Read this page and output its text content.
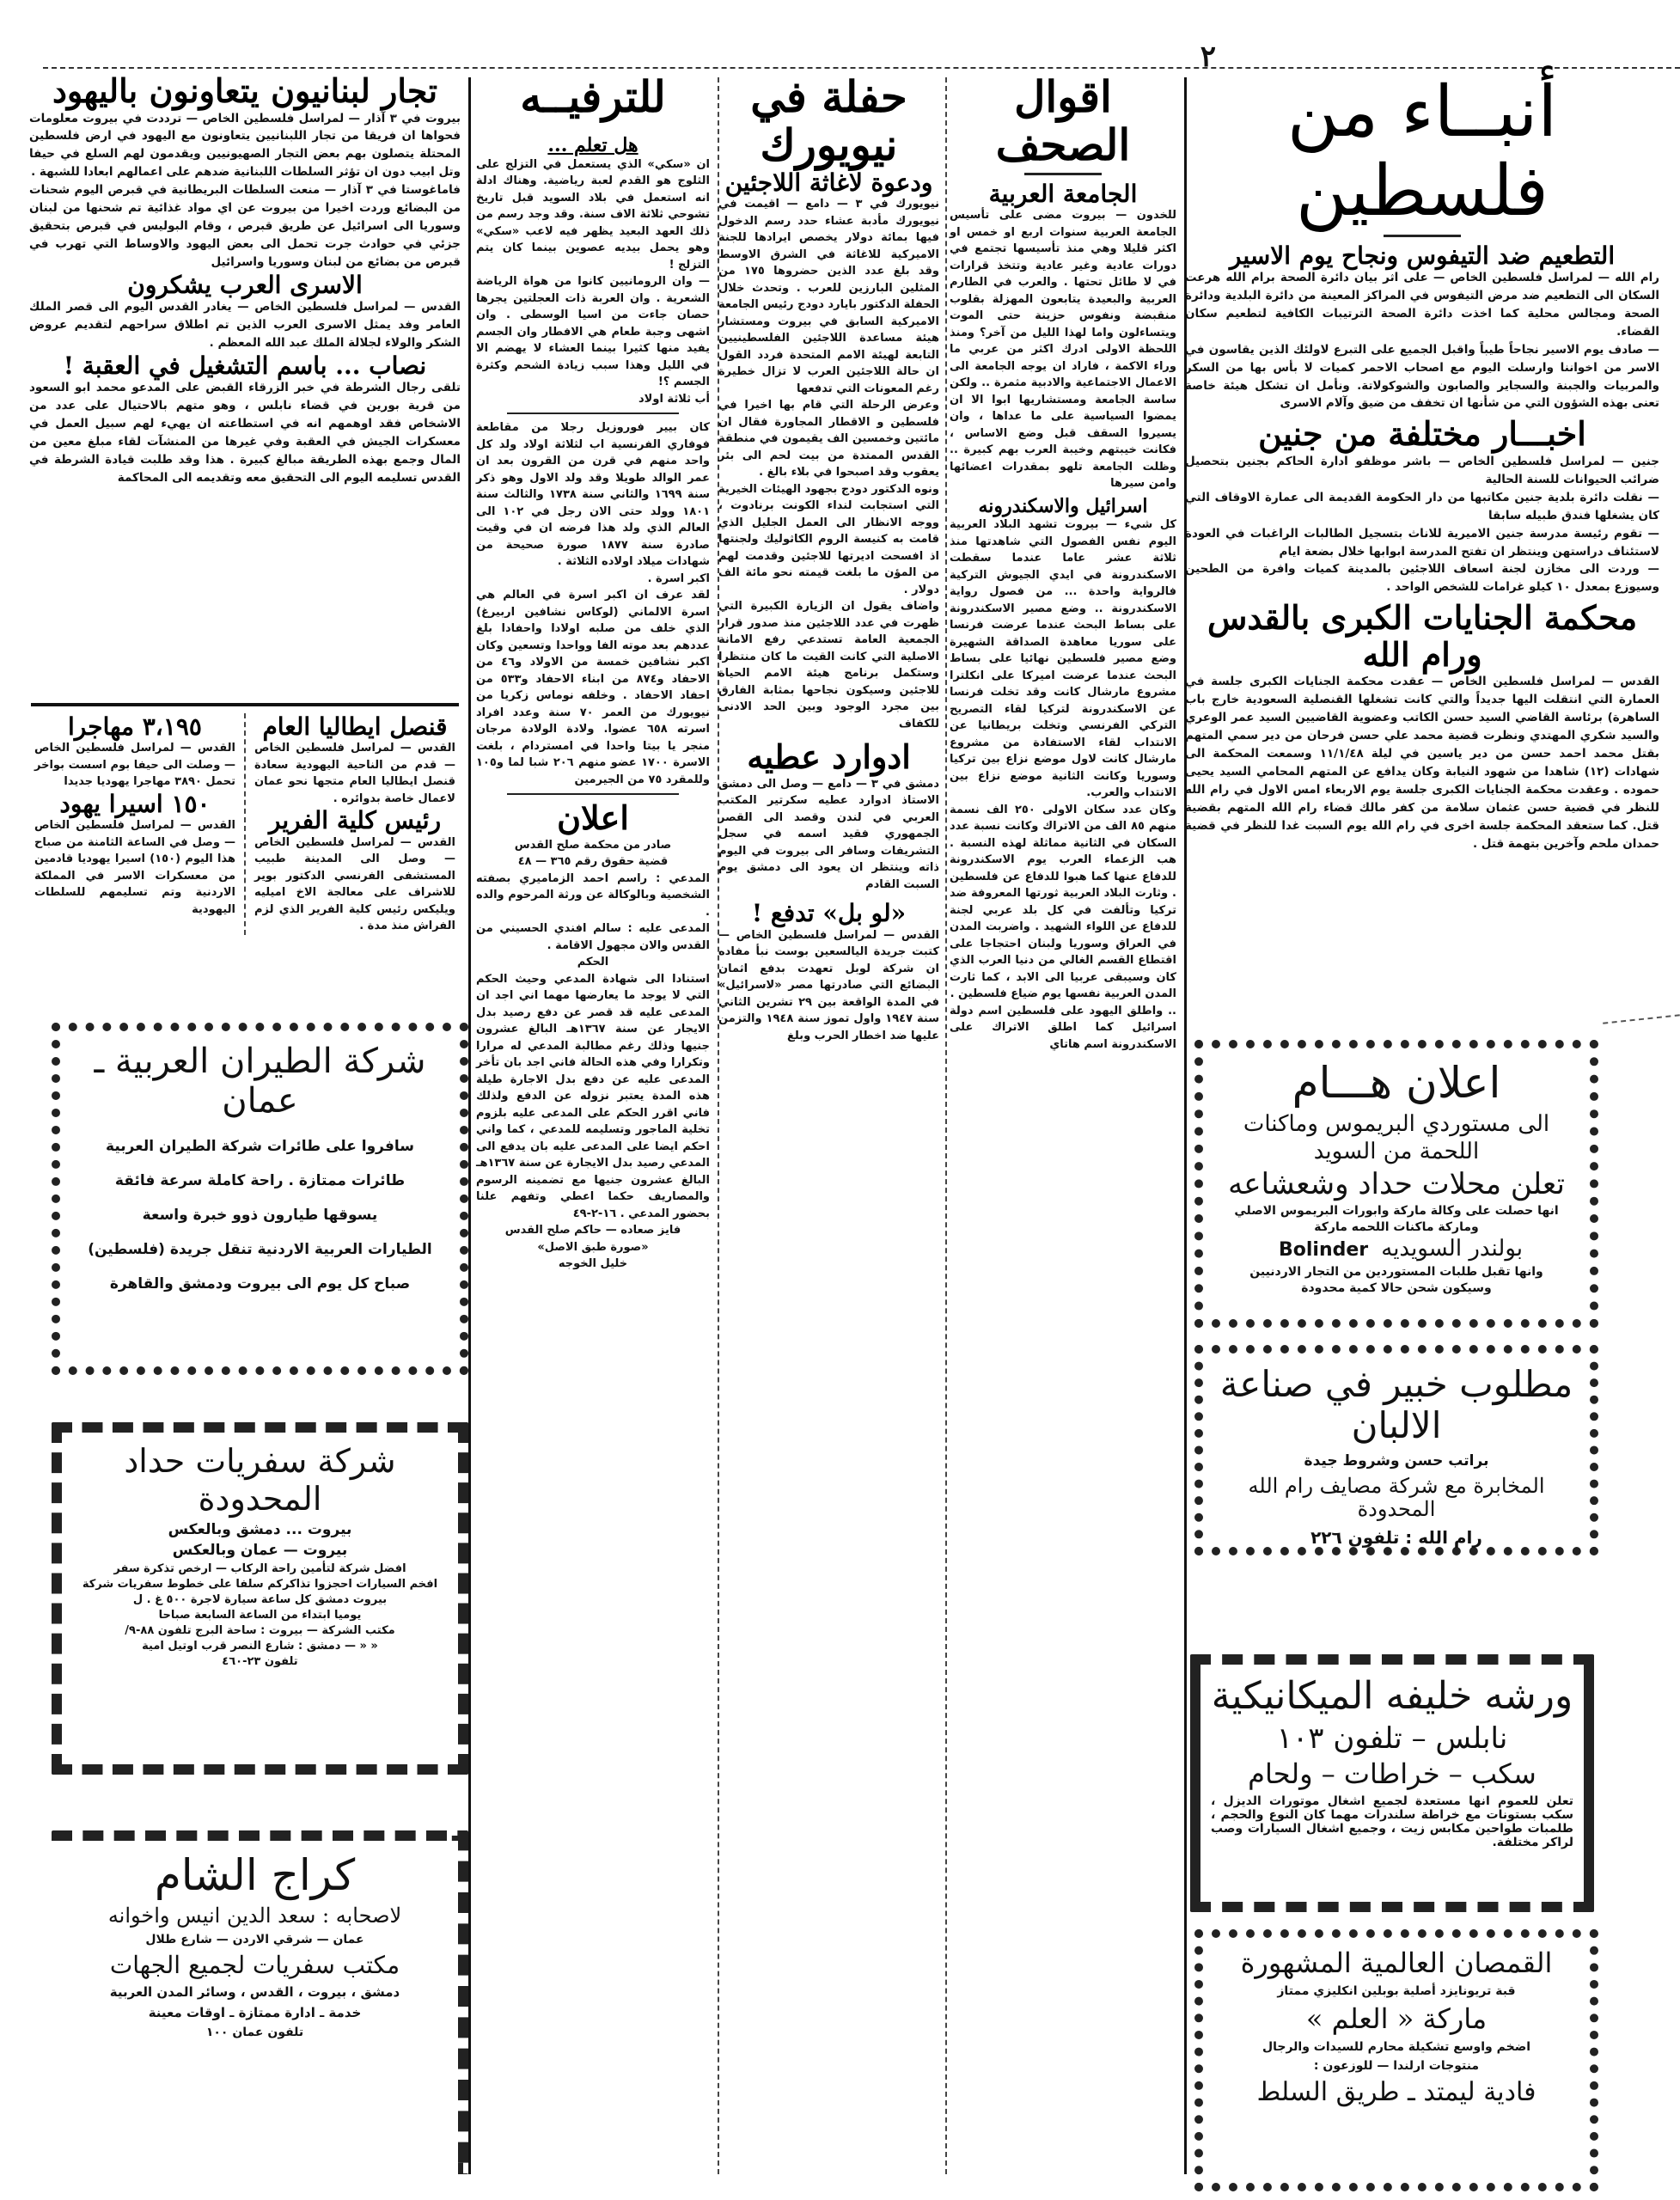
٢
أنبــاء من فلسطين
التطعيم ضد التيفوس ونجاح يوم الاسير

رام الله — لمراسل فلسطين الخاص — على اثر بيان دائرة الصحة برام الله هرعت السكان الى التطعيم ضد مرض التيفوس في المراكز المعينة من دائرة البلدية ودائرة الصحة ومجالس محلية كما اخذت دائرة الصحة الترتيبات الكافية لتطعيم سكان القضاء.

— صادف يوم الاسير نجاحاً طيباً واقبل الجميع على التبرع لاولئك الذين يقاسون في الاسر من اخواننا وارسلت اليوم مع اصحاب الاحمر كميات لا بأس بها من السكر والمربيات والجبنة والسجاير والصابون والشوكولاتة. ونأمل ان تشكل هيئة خاصة تعنى بهذه الشؤون التي من شأنها ان تخفف من ضيق وآلام الاسرى

اخبـــار مختلفة من جنين

جنين — لمراسل فلسطين الخاص — باشر موظفو ادارة الحاكم بجنين بتحصيل ضرائب الحيوانات للسنة الحالية

— نقلت دائرة بلدية جنين مكاتبها من دار الحكومة القديمة الى عمارة الاوقاف التي كان يشغلها فندق طبيله سابقا

— تقوم رئيسة مدرسة جنين الاميرية للاناث بتسجيل الطالبات الراغبات في العودة لاستئناف دراستهن وينتظر ان تفتح المدرسة ابوابها خلال بضعة ايام

— وردت الى مخازن لجنة اسعاف اللاجئين بالمدينة كميات وافرة من الطحين وسيوزع بمعدل ١٠ كيلو غرامات للشخص الواحد .

محكمة الجنايات الكبرى بالقدس ورام الله

القدس — لمراسل فلسطين الخاص — عقدت محكمة الجنايات الكبرى جلسة في العمارة التي انتقلت اليها جديداً والتي كانت تشغلها القنصلية السعودية خارج باب الساهرة) برئاسة القاضي السيد حسن الكاتب وعضوية القاضيين السيد عمر الوعري والسيد شكري المهتدي ونظرت قضية محمد علي حسن فرحان من دير سمي المتهم بقتل محمد احمد حسن من دير ياسين في ليلة ١١/١/٤٨ وسمعت المحكمة الى شهادات (١٢) شاهدا من شهود النيابة وكان يدافع عن المتهم المحامي السيد يحيى حموده . وعقدت محكمة الجنايات الكبرى جلسة يوم الاربعاء امس الاول في رام الله للنظر في قضية حسن عثمان سلامة من كفر مالك قضاء رام الله المتهم بقضية قتل. كما ستعقد المحكمة جلسة اخرى في رام الله يوم السبت غدا للنظر في قضية حمدان ملحم وآخرين بتهمة قتل .

اعلان هـــام
الى مستوردي البريموس وماكنات
اللحمة من السويد
تعلن محلات حداد وشعشاعه
انها حصلت على وكالة ماركة وابورات البريموس الاصلي
وماركة ماكنات اللحمه ماركة
بولندر السويديه Bolinder
وانها تقبل طلبات المستوردين من التجار الاردنيين
وسيكون شحن حالا كمية محدودة
مطلوب خبير في صناعة الالبان
براتب حسن وشروط جيدة
المخابرة مع شركة مصايف رام الله المحدودة
رام الله : تلفون ٢٢٦
ورشه خليفه الميكانيكية
نابلس – تلفون ١٠٣
سكب – خراطات – ولحام
تعلن للعموم انها مستعدة لجميع اشغال موتورات الديزل ، سكب بستونات مع خراطة سلندرات مهما كان النوع والحجم ، طلمبات طواحين مكابس زيت ، وجميع اشغال السيارات وصب لراكر مختلفة.
القمصان العالمية المشهورة
قبة تريونايزد أصلية بوبلين انكليزي ممتاز
ماركة « العلم »
اضخم واوسع تشكيلة محارم للسيدات والرجال
منتوجات ارلندا — للوزعون :
فادية ليمتد ـ طريق السلط
اقوال الصحف
الجامعة العربية

للخدون — بيروت مضى على تأسيس الجامعة العربية سنوات اربع او خمس او اكثر قليلا وهي منذ تأسيسها تجتمع في دورات عادية وغير عادية وتتخذ قرارات في لا طائل تحتها . والعرب في الطارم العربية والبعيدة يتابعون المهزلة بقلوب منقبضة ونفوس حزينة حتى الموت ويتساءلون واما لهذا الليل من آخر؟ ومنذ اللحظة الاولى ادرك اكثر من عربي ما وراء الاكمة ، فاراد ان يوجه الجامعة الى الاعمال الاجتماعية والادبية مثمرة .. ولكن ساسة الجامعة ومستشاريها ابوا الا ان يمضوا السياسية على ما عداها ، وان يسيروا السقف قبل وضع الاساس ، فكانت خيبتهم وخيبة العرب بهم كبيرة .. وظلت الجامعة تلهو بمقدرات اعضائها وامن سيرها

اسرائيل والاسكندرونه

كل شيء — بيروت تشهد البلاد العربية اليوم نفس الفصول التي شاهدتها منذ ثلاثة عشر عاما عندما سقطت الاسكندرونة في ايدي الجيوش التركية فالرواية واحدة ... من فصول رواية الاسكندرونة .. وضع مصير الاسكندرونة على بساط البحث عندما عرضت فرنسا على سوريا معاهدة الصداقة الشهيرة وضع مصير فلسطين نهائيا على بساط البحث عندما عرضت اميركا على انكلترا مشروع مارشال كانت وقد تخلت فرنسا عن الاسكندرونة لتركيا لقاء التصريح التركي الفرنسي وتخلت بريطانيا عن الانتداب لقاء الاستفادة من مشروع مارشال كانت لاول موضع نزاع بين تركيا وسوريا وكانت الثانية موضع نزاع بين الانتداب والعرب.

وكان عدد سكان الاولى ٢٥٠ الف نسمة منهم ٨٥ الف من الاتراك وكانت نسبة عدد السكان في الثانية مماثلة لهذه النسبة . هب الزعماء العرب يوم الاسكندرونة للدفاع عنها كما هبوا للدفاع عن فلسطين . وثارت البلاد العربية ثورتها المعروفة ضد تركيا وتألفت في كل بلد عربي لجنة للدفاع عن اللواء الشهيد . واضربت المدن في العراق وسوريا ولبنان احتجاجا على اقتطاع القسم الغالي من دنيا العرب الذي كان وسيبقى عربيا الى الابد ، كما ثارت المدن العربية نفسها يوم ضياع فلسطين .

.. واطلق اليهود على فلسطين اسم دولة اسرائيل كما اطلق الاتراك على الاسكندرونة اسم هاتاي

حفلة في نيويورك
ودعوة لاغاثة اللاجئين

نيويورك في ٣ — دامع — اقيمت في نيويورك مأدبة عشاء حدد رسم الدخول فيها بمائة دولار يخصص ايرادها للجنة الاميركية للاغاثة في الشرق الاوسط وقد بلغ عدد الذين حضروها ١٧٥ من المثلين البارزين للعرب . وتحدث خلال الحفلة الدكتور بايارد دودج رئيس الجامعة الاميركية السابق في بيروت ومستشار هيئة مساعدة اللاجئين الفلسطينيين التابعة لهيئة الامم المتحدة فردد القول ان حالة اللاجئين العرب لا تزال خطيرة رغم المعونات التي تدفعها

وعرض الرحلة التي قام بها اخيرا في فلسطين و الاقطار المجاورة فقال ان مائتين وخمسين الف يقيمون في منطقة القدس الممتدة من بيت لحم الى بئر يعقوب وقد اصبحوا في بلاء بالغ .

ونوه الدكتور دودج بجهود الهيئات الخيرية التي استجابت لنداء الكونت برنادوت ، ووجه الانظار الى العمل الجليل الذي قامت به كنيسة الروم الكاثوليك ولجنتها اذ افسحت اديرتها للاجئين وقدمت لهم من المؤن ما بلغت قيمته نحو مائة الف دولار .

واضاف يقول ان الزيارة الكبيرة التي ظهرت في عدد اللاجئين منذ صدور قرار الجمعية العامة تستدعي رفع الامانة الاصلية التي كانت القيت ما كان منتظرا وستكمل برنامج هيئة الامم الحياة للاجئين وسيكون نجاحها بمثابة الفارق بين مجرد الوجود وبين الحد الادنى للكفاف

ادوارد عطيه

دمشق في ٣ — دامع — وصل الى دمشق الاستاذ ادوارد عطيه سكرتير المكتب العربي في لندن وقصد الى القصر الجمهوري فقيد اسمه في سجل التشريفات وسافر الى بيروت في اليوم ذاته وينتظر ان يعود الى دمشق يوم السبت القادم

«لو بل» تدفع !

القدس — لمراسل فلسطين الخاص — كتبت جريدة اليالسعين بوست نبأ مفاده ان شركة لوبل تعهدت بدفع اثمان البضائع التي صادرتها مصر «لاسرائيل» في المدة الواقعة بين ٢٩ تشرين الثاني سنة ١٩٤٧ واول تموز سنة ١٩٤٨ والتزمن عليها ضد اخطار الحرب وبلغ

للترفيــه
هل تعلم ...

ان «سكي» الذي يستعمل في التزلج على الثلوج هو القدم لعبة رياضية. وهناك ادلة انه استعمل في بلاد السويد قبل تاريخ تشوحي ثلاثة الاف سنة. وقد وجد رسم من ذلك العهد البعيد يظهر فيه لاعب «سكي» وهو يحمل بيديه عصوين بينما كان يتم التزلج !

— وان الرومانيين كانوا من هواة الرياضة الشعرية . وان العربة ذات العجلتين يجرها حصان جاءت من اسيا الوسطى . وان اشهى وجبة طعام هي الافطار وان الجسم يفيد منها كثيرا بينما العشاء لا يهضم الا في الليل وهذا سبب زيادة الشحم وكثرة الجسم ؟!

أب ثلاثة اولاد

كان بيير فوروزيل رجلا من مقاطعة فوفاري الفرنسية اب لثلاثة اولاد ولد كل واحد منهم في قرن من القرون بعد ان عمر الوالد طويلا وقد ولد الاول وهو ذكر سنة ١٦٩٩ والثاني سنة ١٧٣٨ والثالث سنة ١٨٠١ وولد حتى الان رجل في ١٠٢ الى العالم الذي ولد هذا فرضه ان في وقيت صادرة سنة ١٨٧٧ صورة صحيحة من شهادات ميلاد اولاده الثلاثة .

اكبر اسرة .

لقد عرف ان اكبر اسرة في العالم هي اسرة الالماني (لوكاس نشافين اربيرغ) الذي خلف من صلبه اولادا واحفادا بلغ عددهم بعد موته الفا وواحدا وتسعين وكان اكبر نشافين خمسة من الاولاد و٤٦ من الاحفاد و٨٧٤ من ابناء الاحفاد و٥٣٣ من احفاد الاحفاد . وخلفه نوماس زكريا من نيويورك من العمر ٧٠ سنة وعدد افراد اسرته ٦٥٨ عضوا. ولادة الولادة مرجان منجر يا بيتا واحدا في امستردام ، بلغت الاسرة ١٧٠٠ عضو منهم ٢٠٦ شبا لما و١٠٥ وللمقرد ٧٥ من الجيرمين

اعلان

صادر من محكمة صلح القدس

قضية حقوق رقم ٣٦٥ — ٤٨

المدعي : راسم احمد الزماميري بصفته الشخصية وبالوكالة عن ورثة المرحوم والده .

المدعى عليه : سالم افندي الحسيني من القدس والان مجهول الاقامة .

الحكم

استنادا الى شهادة المدعي وحيث الحكم التي لا يوجد ما يعارضها مهما اني اجد ان المدعى عليه قد قصر عن دفع رصيد بدل الايجار عن سنة ١٣٦٧هـ البالغ عشرون جنيها وذلك رغم مطالبة المدعي له مرارا وتكرارا وفي هذه الحالة فاني اجد بان تأخر المدعى عليه عن دفع بدل الاجارة طيلة هذه المدة يعتبر نزوله عن الدفع ولذلك فاني اقرر الحكم على المدعى عليه بلزوم تخلية الماجور وتسليمه للمدعي ، كما واني احكم ايضا على المدعى عليه بان يدفع الى المدعي رصيد بدل الايجارة عن سنة ١٣٦٧هـ البالغ عشرون جنيها مع تضمينه الرسوم والمصاريف حكما اعطي وتفهم علنا بحضور المدعي . ١٦-٢-٤٩

فايز صعاده — حاكم صلح القدس

«صورة طبق الاصل»

خليل الخوجه

تجار لبنانيون يتعاونون باليهود

بيروت في ٣ آذار — لمراسل فلسطين الخاص — ترددت في بيروت معلومات فحواها ان فريقا من تجار اللبنانيين يتعاونون مع اليهود في ارض فلسطين المحتلة يتصلون بهم بعض التجار الصهيونيين ويقدمون لهم السلع في حيفا وتل ابيب دون ان تؤثر السلطات اللبنانية ضدهم على اعمالهم ابعادا للشبهة .

فاماغوستا في ٣ آذار — منعت السلطات البريطانية في قبرص اليوم شحنات من البضائع وردت اخيرا من بيروت عن اي مواد غذائية تم شحنها من لبنان وسوريا الى اسرائيل عن طريق قبرص ، وقام البوليس في قبرص بتحقيق جزئي في حوادث جرت تحمل الى بعض اليهود والاوساط التي تهرب في قبرص من بضائع من لبنان وسوريا واسرائيل

الاسرى العرب يشكرون

القدس — لمراسل فلسطين الخاص — يغادر القدس اليوم الى قصر الملك العامر وفد يمثل الاسرى العرب الذين تم اطلاق سراحهم لتقديم عروض الشكر والولاء لجلالة الملك عبد الله المعظم .

نصاب ... باسم التشغيل في العقبة !

تلقى رجال الشرطة في خبر الزرقاء القبض على المدعو محمد ابو السعود من قرية بورين في قضاء نابلس ، وهو متهم بالاحتيال على عدد من الاشخاص فقد اوهمهم انه في استطاعته ان يهيء لهم سبيل العمل في معسكرات الجيش في العقبة وفي غيرها من المنشآت لقاء مبلغ معين من المال وجمع بهذه الطريقة مبالغ كبيرة . هذا وقد طلبت قيادة الشرطة في القدس تسليمه اليوم الى التحقيق معه وتقديمه الى المحاكمة

قنصل ايطاليا العام

القدس — لمراسل فلسطين الخاص — قدم من الناحية اليهودية سعادة قنصل ايطاليا العام متجها نحو عمان لاعمال خاصة بدوائره .

رئيس كلية الفرير

القدس — لمراسل فلسطين الخاص — وصل الى المدينة طبيب المستشفى الفرنسي الدكتور بوير للاشراف على معالجة الاخ اميليه ويليكس رئيس كلية الفرير الذي لزم الفراش منذ مدة .

٣،١٩٥ مهاجرا

القدس — لمراسل فلسطين الخاص — وصلت الى حيفا بوم اسست بواخر تحمل ٣٨٩٠ مهاجرا يهوديا جديدا

١٥٠ اسيرا يهود

القدس — لمراسل فلسطين الخاص — وصل في الساعة الثامنة من صباح هذا اليوم (١٥٠) اسيرا يهوديا قادمين من معسكرات الاسر في المملكة الاردنية وتم تسليمهم للسلطات اليهودية

شركة الطيران العربية ـ عمان
سافروا على طائرات شركة الطيران العربية
طائرات ممتازة . راحة كاملة سرعة فائقة
يسوقها طيارون ذوو خبرة واسعة
الطيارات العربية الاردنية تنقل جريدة (فلسطين)
صباح كل يوم الى بيروت ودمشق والقاهرة
شركة سفريات حداد المحدودة
بيروت ... دمشق وبالعكس
بيروت — عمان وبالعكس
افضل شركة لتأمين راحة الركاب — ارخص تذكرة سفر
افخم السيارات احجزوا تذاكركم سلفا على خطوط سفريات شركة
بيروت دمشق كل ساعة سيارة لاجرة ٥٠٠ غ . ل
يوميا ابتداء من الساعة السابعة صباحا
مكتب الشركة — بيروت : ساحة البرج تلفون ٨٨-٩/
« « — دمشق : شارع النصر قرب اوتيل امية
تلفون ٢٣-٤٦٠
كراج الشام
لاصحابه : سعد الدين انيس واخوانه
عمان — شرقي الاردن — شارع طلال
مكتب سفريات لجميع الجهات
دمشق ، بيروت ، القدس ، وسائر المدن العربية
خدمة ـ ادارة ممتازة ـ اوقات معينة
تلفون عمان ١٠٠
